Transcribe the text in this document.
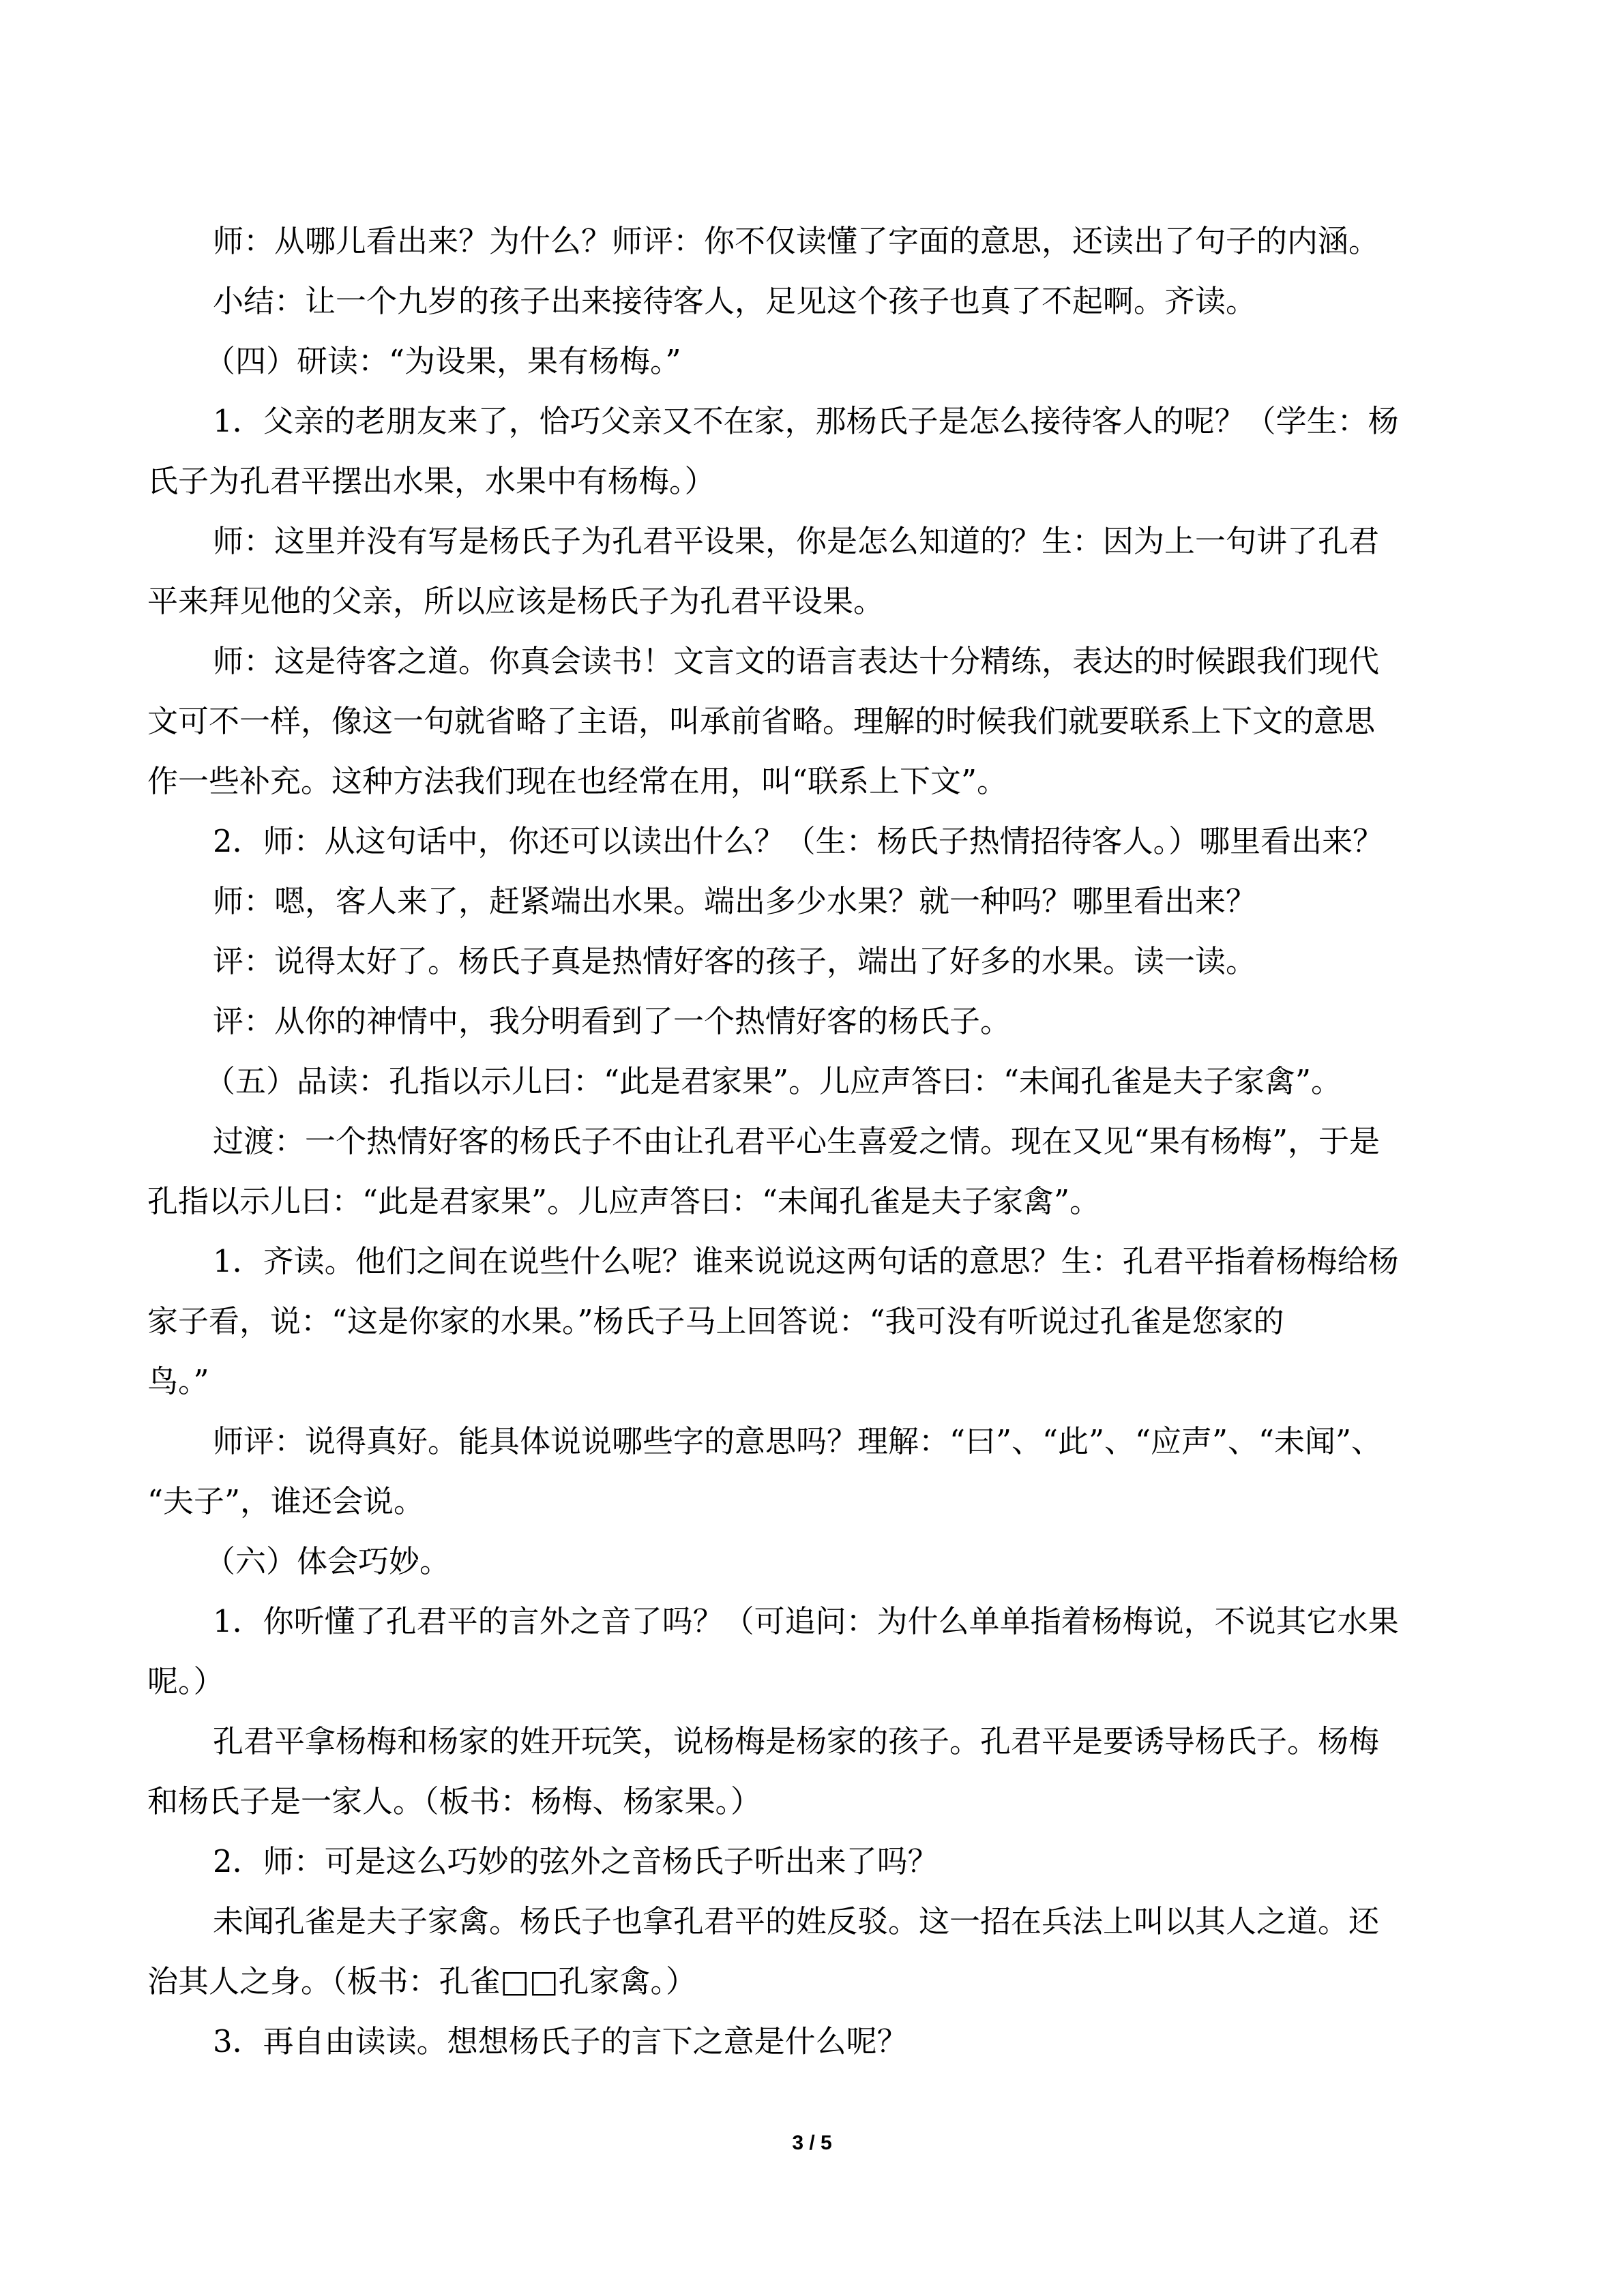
师：从哪儿看出来？为什么？师评：你不仅读懂了字面的意思，还读出了句子的内涵。

小结：让一个九岁的孩子出来接待客人，足见这个孩子也真了不起啊。齐读。

（四）研读：“为设果，果有杨梅。”

1．父亲的老朋友来了，恰巧父亲又不在家，那杨氏子是怎么接待客人的呢？（学生：杨

氏子为孔君平摆出水果，水果中有杨梅。）

师：这里并没有写是杨氏子为孔君平设果，你是怎么知道的？生：因为上一句讲了孔君

平来拜见他的父亲，所以应该是杨氏子为孔君平设果。

师：这是待客之道。你真会读书！文言文的语言表达十分精练，表达的时候跟我们现代

文可不一样，像这一句就省略了主语，叫承前省略。理解的时候我们就要联系上下文的意思

作一些补充。这种方法我们现在也经常在用，叫“联系上下文”。

2．师：从这句话中，你还可以读出什么？（生：杨氏子热情招待客人。）哪里看出来？

师：嗯，客人来了，赶紧端出水果。端出多少水果？就一种吗？哪里看出来？

评：说得太好了。杨氏子真是热情好客的孩子，端出了好多的水果。读一读。

评：从你的神情中，我分明看到了一个热情好客的杨氏子。

（五）品读：孔指以示儿曰：“此是君家果”。儿应声答曰：“未闻孔雀是夫子家禽”。

过渡：一个热情好客的杨氏子不由让孔君平心生喜爱之情。现在又见“果有杨梅”，于是

孔指以示儿曰：“此是君家果”。儿应声答曰：“未闻孔雀是夫子家禽”。

1．齐读。他们之间在说些什么呢？谁来说说这两句话的意思？生：孔君平指着杨梅给杨

家子看，说：“这是你家的水果。”杨氏子马上回答说：“我可没有听说过孔雀是您家的

鸟。”

师评：说得真好。能具体说说哪些字的意思吗？理解：“曰”、“此”、“应声”、“未闻”、

“夫子”，谁还会说。

（六）体会巧妙。

1．你听懂了孔君平的言外之音了吗？（可追问：为什么单单指着杨梅说，不说其它水果

呢。）

孔君平拿杨梅和杨家的姓开玩笑，说杨梅是杨家的孩子。孔君平是要诱导杨氏子。杨梅

和杨氏子是一家人。（板书：杨梅、杨家果。）

2．师：可是这么巧妙的弦外之音杨氏子听出来了吗？

未闻孔雀是夫子家禽。杨氏子也拿孔君平的姓反驳。这一招在兵法上叫以其人之道。还

治其人之身。（板书：孔雀□□孔家禽。）

3．再自由读读。想想杨氏子的言下之意是什么呢？

3 / 5
